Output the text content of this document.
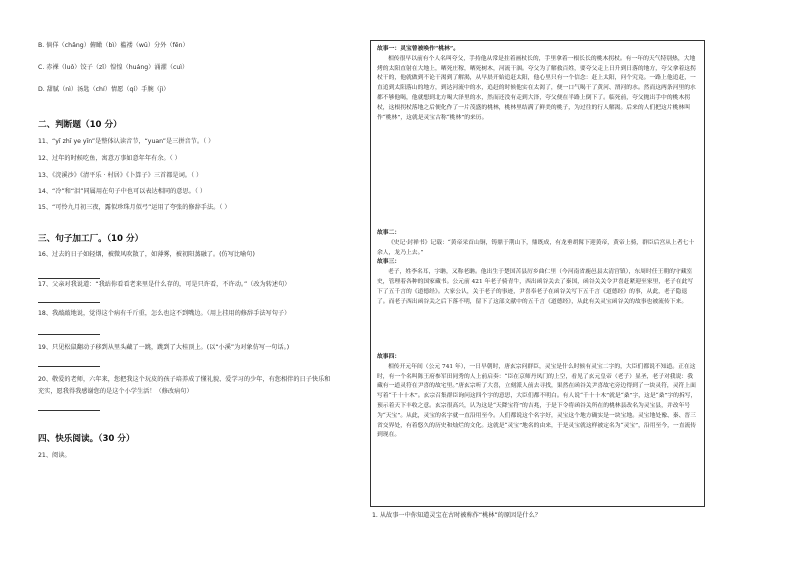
B. 倘佯（chǎng）俯瞰（bì）褴褛（wū）分外（fēn）
C. 赤裸（luǒ）饺子（zǐ）惶惶（huáng）涌濯（cuì）
D. 甜腻（nì）汤匙（chí）情愿（qí）手腕（jì）
二、判断题（10 分）
11、“yī zhī ye yīn”是整体认读音节，“yuan”是三拼音节。（ ）
12、过年的时候吃鱼，寓意万事如意年年有余。（ ）
13、《浣溪沙》《清平乐 · 村居》《卜算子》三首都是词。（ ）
14、“冷”和“泪”同属用在句子中也可以表达相同的意思。（ ）
15、“可怜九月初三夜，露似珍珠月似弓”运用了夸张的修辞手法。（ ）
三、句子加工厂。（10 分）
16、过去的日子如轻烟，被微风吹散了，如薄雾，被初阳蒸融了。(仿写比喻句)
17、父亲对我说道：“我站你看看老来里是什么存的，可是只许看，不许动。”（改为转述句）
18、我敲敲地说，觉得这个病有千斤重，怎么也这不到嘴边。（用上挂用的修辞手法写句子）
19、只见松鼠翻动子移到从里头藏了一跳，跳到了大桂顶上。(以“小溪”为对象仿写一句话。)
20、敬爱的老师，六年来，您把我这个玩皮的孩子培养成了懂礼貌、爱学习的少年，有您相伴的日子快乐和
充实，愿我得我感谢您的是这个小学生活！（修改病句）
四、快乐阅读。（30 分）
21、阅读。
故事一：灵宝曾被唤作“桃林”。

相传很早以前有个人名叫夸父，手持他从常是拄着画杖长的，手里拿着一根长长的桃木拐杖。有一年的天气特别热，大地烤的太阳直射在大地上，晒死庄稼，晒死树木，河流干涸。夸父为了解救百姓，要夸父走上日升到日落的地方，夸父拿着这拐杖干的，他就做到不论干渴到了解渴，从早晨开始追赶太阳，他心里只有一个信念：赶上太阳，问个究竟。一路上他追赶，一直追到太阳落山的地方，到达河流中的水，追赶的时候他实在太渴了，便一口气喝干了黄河、渭河的水。然而这两条河里的水都不够他喝，他就想到北方喝大泽里的水，然而还没有走到大泽，夸父便在半路上倒下了。临死前，夸父抛出手中的桃木拐杖，这根拐杖落地之后便化作了一片茂盛的桃林，桃林里结满了鲜美的桃子，为过往的行人解渴。后来的人们把这片桃林叫作“桃林”，这就是灵宝古称“桃林”的来历。

故事二：

《史记·封禅书》记载：“黄帝采首山铜，铸鼎于荆山下，鼎既成，有龙垂胡髯下迎黄帝，黄帝上骑，群臣后宫从上者七十余人，龙乃上去。”

故事三：

老子，姓李名耳，字聃，又称老聃。他出生于楚国苦县厉乡曲仁里（今河南省鹿邑县太清宫镇），东周时任王朝的守藏室史，管理着各种的国家藏书。公元前 421 年老子骑青牛，西出函谷关去了秦国，函谷关关令尹喜赶紧迎至家里，老子在此写下了五千言的《道德经》。大家公认，关于老子的事迹，尹喜奉老子在函谷关写下五千言《道德经》的事，从此，老子隐退了。而老子西出函谷关之后下落不明，留下了这部文献中的五千言《道德经》，从此有关灵宝函谷关的故事也被流传下来。

故事四：

相传开元年间（公元 741 年），一日早朝时，唐玄宗问群臣，灵宝是什么时候有灵宝二字的，大臣们都说不知道。正在这时，有一个名叫陈王府参军田同秀的人上前启奏：“臣在京师丹凤门的上空，看见了玄元皇帝（老子）显圣，老子对我说：我藏有一道灵符在尹喜的故宅里。”唐玄宗听了大喜，立刻派人前去寻找，果然在函谷关尹喜故宅旁边得到了一块灵符，灵符上面写着“千十十木”。玄宗召集群臣询问这四个字的意思，大臣们都不明白。有人说“千十十木”就是“桑”字，这是“桑”字的拆写，预示着天下丰收之意。玄宗很高兴，认为这是“天降宝符”的吉兆，于是下令将函谷关所在的桃林县改名为灵宝县，并改年号为“天宝”。从此，灵宝的名字就一直沿用至今。人们都说这个名字好，灵宝这个地方确实是一块宝地。灵宝地处豫、秦、晋三省交界处，有着悠久的历史和灿烂的文化。这就是“灵宝”地名的由来，于是灵宝就这样被定名为“灵宝”，沿用至今，一直流传到现在。

1. 从故事一中你知道灵宝在古时被称作“桃林”的原因是什么？
